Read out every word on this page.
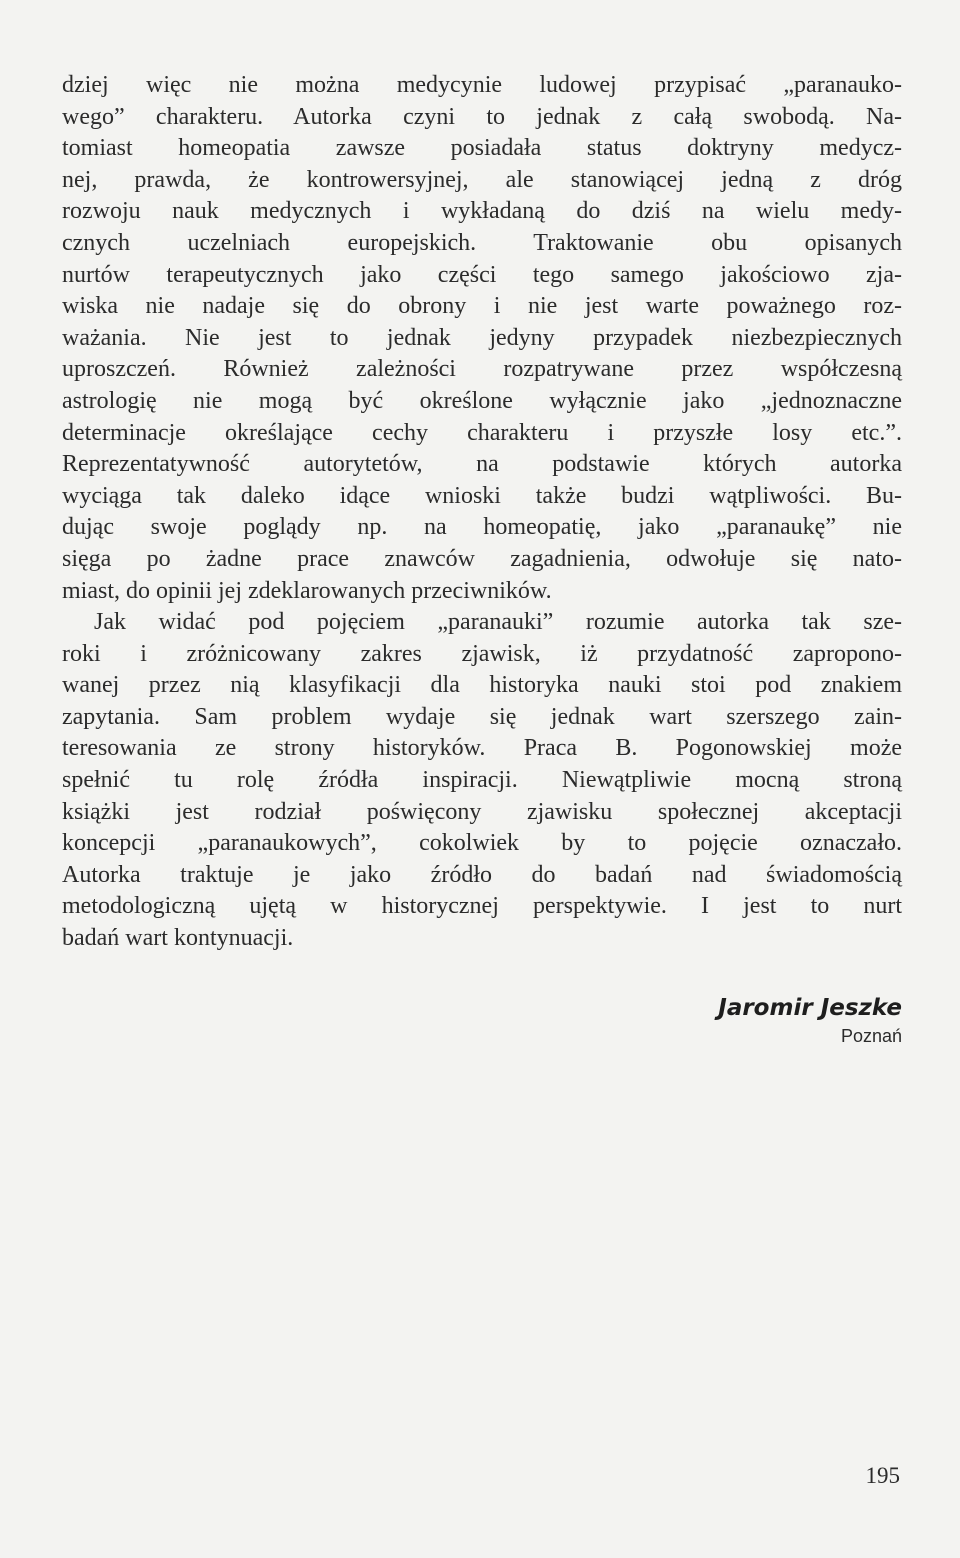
dziej więc nie można medycynie ludowej przypisać „paranauko-
wego” charakteru. Autorka czyni to jednak z całą swobodą. Na-
tomiast homeopatia zawsze posiadała status doktryny medycz-
nej, prawda, że kontrowersyjnej, ale stanowiącej jedną z dróg
rozwoju nauk medycznych i wykładaną do dziś na wielu medy-
cznych uczelniach europejskich. Traktowanie obu opisanych
nurtów terapeutycznych jako części tego samego jakościowo zja-
wiska nie nadaje się do obrony i nie jest warte poważnego roz-
ważania. Nie jest to jednak jedyny przypadek niezbezpiecznych
uproszczeń. Również zależności rozpatrywane przez współczesną
astrologię nie mogą być określone wyłącznie jako „jednoznaczne
determinacje określające cechy charakteru i przyszłe losy etc.”.
Reprezentatywność autorytetów, na podstawie których autorka
wyciąga tak daleko idące wnioski także budzi wątpliwości. Bu-
dując swoje poglądy np. na homeopatię, jako „paranaukę” nie
sięga po żadne prace znawców zagadnienia, odwołuje się nato-
miast, do opinii jej zdeklarowanych przeciwników.
Jak widać pod pojęciem „paranauki” rozumie autorka tak sze-
roki i zróżnicowany zakres zjawisk, iż przydatność zapropono-
wanej przez nią klasyfikacji dla historyka nauki stoi pod znakiem
zapytania. Sam problem wydaje się jednak wart szerszego zain-
teresowania ze strony historyków. Praca B. Pogonowskiej może
spełnić tu rolę źródła inspiracji. Niewątpliwie mocną stroną
książki jest rodział poświęcony zjawisku społecznej akceptacji
koncepcji „paranaukowych”, cokolwiek by to pojęcie oznaczało.
Autorka traktuje je jako źródło do badań nad świadomością
metodologiczną ujętą w historycznej perspektywie. I jest to nurt
badań wart kontynuacji.
Jaromir Jeszke
Poznań
195
